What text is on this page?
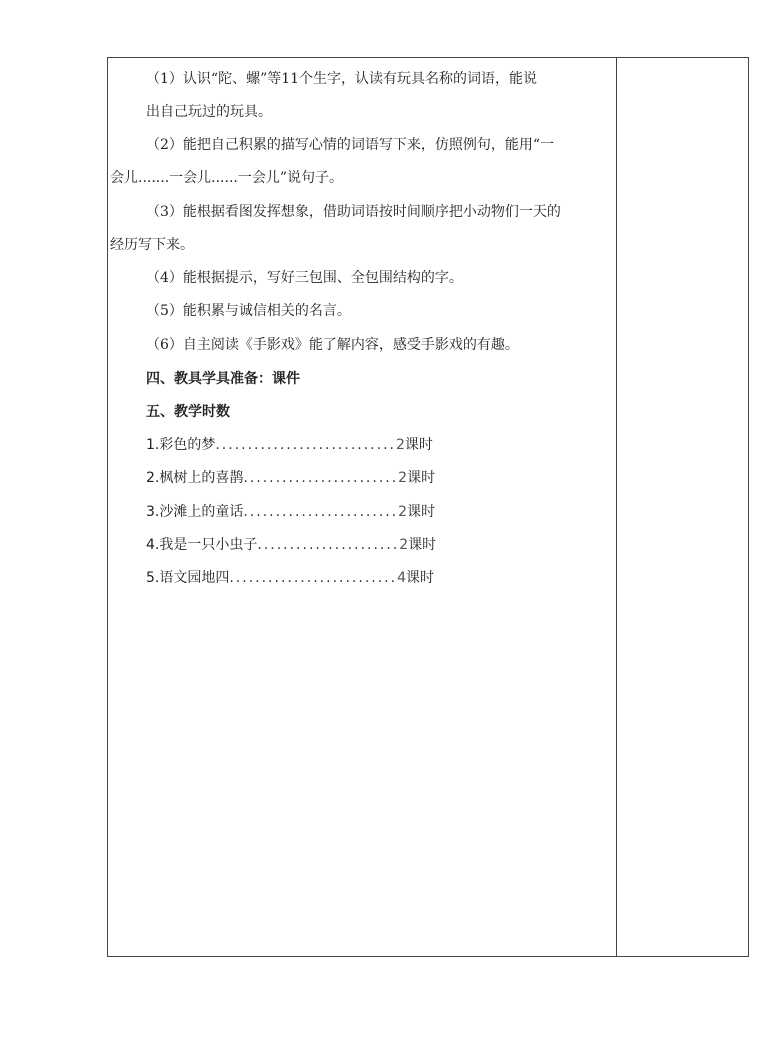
（1）认识“陀、螺”等11个生字，认读有玩具名称的词语，能说
出自己玩过的玩具。
（2）能把自己积累的描写心情的词语写下来，仿照例句，能用“一
会儿.......一会儿......一会儿”说句子。
（3）能根据看图发挥想象，借助词语按时间顺序把小动物们一天的
经历写下来。
（4）能根据提示，写好三包围、全包围结构的字。
（5）能积累与诚信相关的名言。
（6）自主阅读《手影戏》能了解内容，感受手影戏的有趣。
四、教具学具准备：课件
五、教学时数
1.彩色的梦............................2课时
2.枫树上的喜鹊........................2课时
3.沙滩上的童话........................2课时
4.我是一只小虫子......................2课时
5.语文园地四..........................4课时
